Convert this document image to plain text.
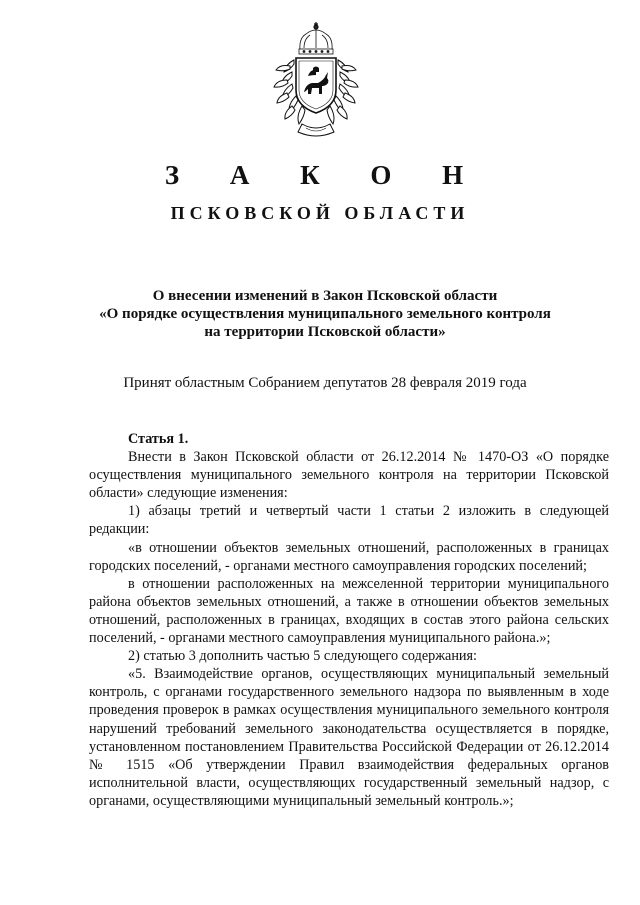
З А К О Н
ПСКОВСКОЙ ОБЛАСТИ
О внесении изменений в Закон Псковской области
«О порядке осуществления муниципального земельного контроля
на территории Псковской области»
Принят областным Собранием депутатов 28 февраля 2019 года

Статья 1.

Внести в Закон Псковской области от 26.12.2014 № 1470-ОЗ «О порядке осуществления муниципального земельного контроля на территории Псковской области» следующие изменения:

1) абзацы третий и четвертый части 1 статьи 2 изложить в следующей редакции:

«в отношении объектов земельных отношений, расположенных в границах городских поселений, - органами местного самоуправления городских поселений;

в отношении расположенных на межселенной территории муниципального района объектов земельных отношений, а также в отношении объектов земельных отношений, расположенных в границах, входящих в состав этого района сельских поселений, - органами местного самоуправления муниципального района.»;

2) статью 3 дополнить частью 5 следующего содержания:

«5. Взаимодействие органов, осуществляющих муниципальный земельный контроль, с органами государственного земельного надзора по выявленным в ходе проведения проверок в рамках осуществления муниципального земельного контроля нарушений требований земельного законодательства осуществляется в порядке, установленном постановлением Правительства Российской Федерации от 26.12.2014 № 1515 «Об утверждении Правил взаимодействия федеральных органов исполнительной власти, осуществляющих государственный земельный надзор, с органами, осуществляющими муниципальный земельный контроль.»;
